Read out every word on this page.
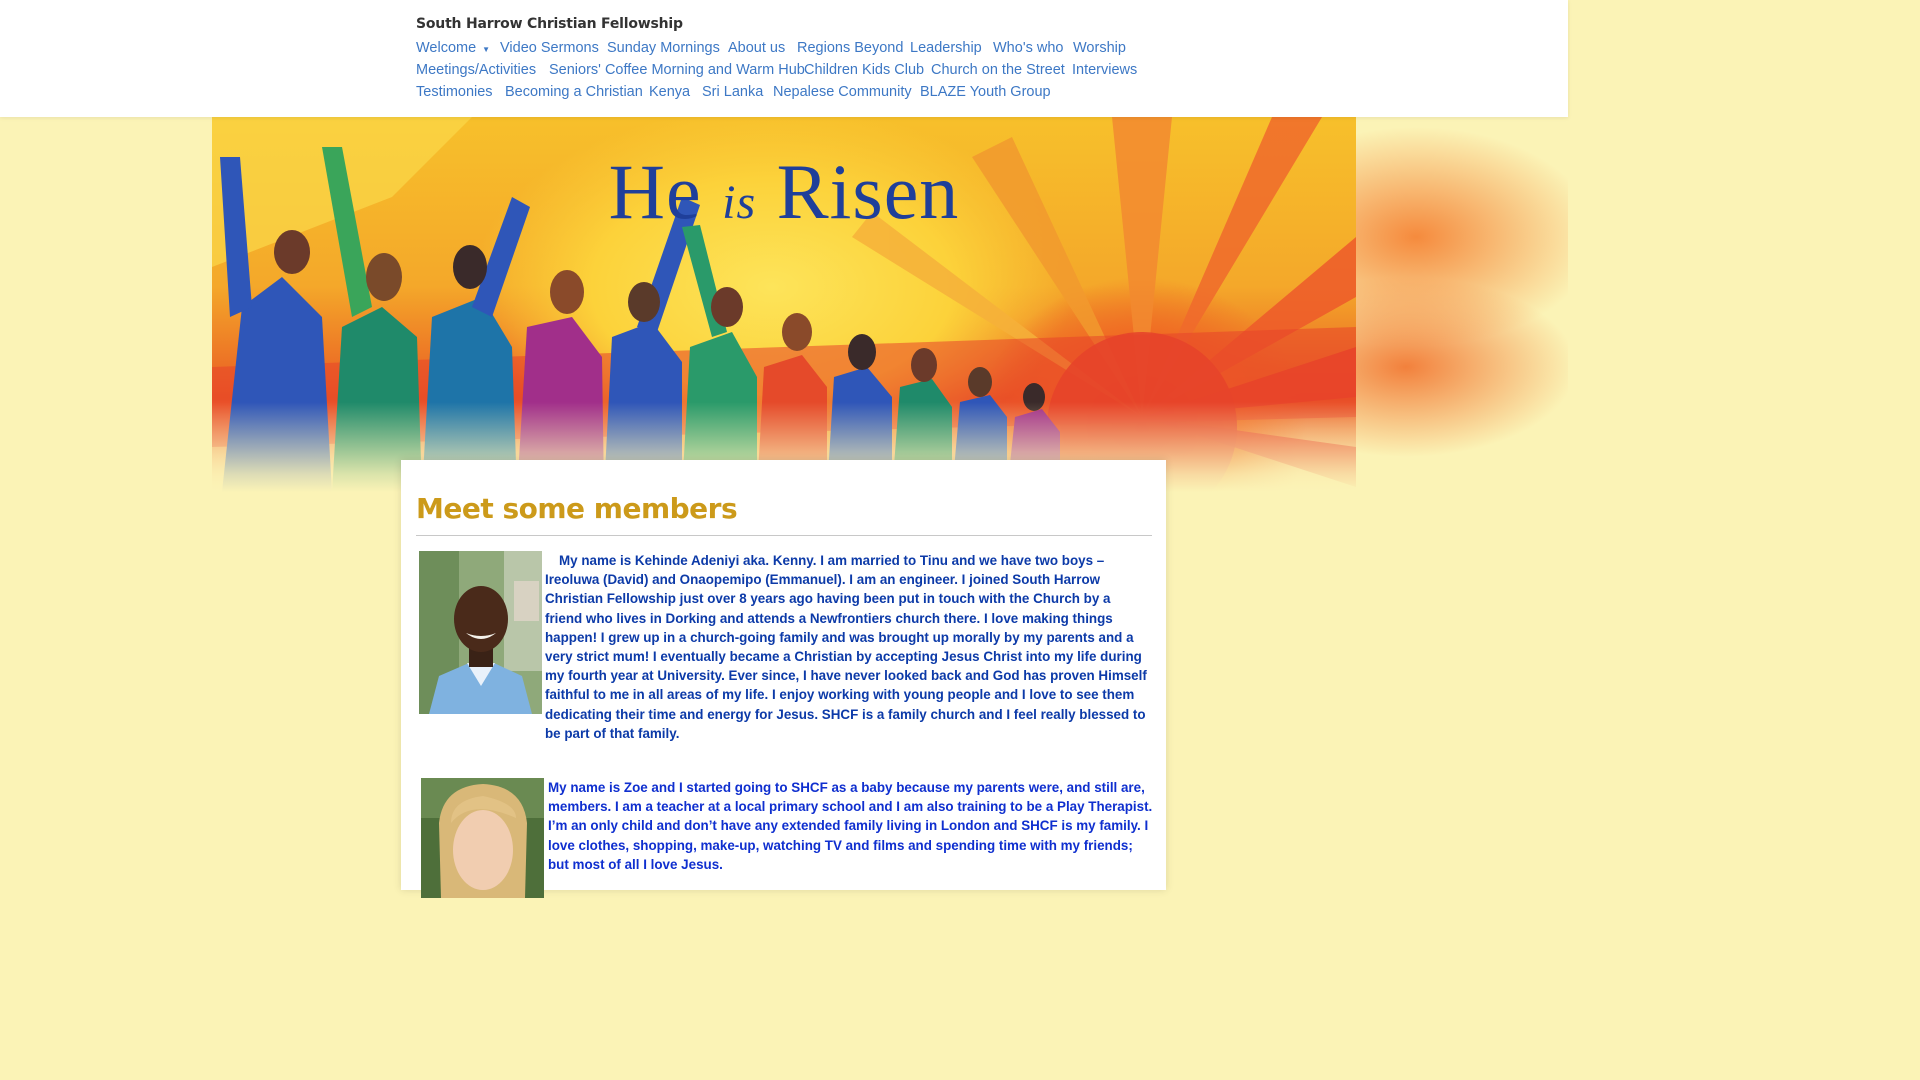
South Harrow Christian Fellowship
Welcome ▼ Video Sermons Sunday Mornings About us Regions Beyond Leadership Who's who Worship
Meetings/Activities Seniors' Coffee Morning and Warm Hub Children Kids Club Church on the Street Interviews
Testimonies Becoming a Christian Kenya Sri Lanka Nepalese Community BLAZE Youth Group
He is Risen
Meet some members
My name is Kehinde Adeniyi aka. Kenny. I am married to Tinu and we have two boys – Ireoluwa (David) and Onaopemipo (Emmanuel). I am an engineer. I joined South Harrow Christian Fellowship just over 8 years ago having been put in touch with the Church by a friend who lives in Dorking and attends a Newfrontiers church there. I love making things happen! I grew up in a church-going family and was brought up morally by my parents and a very strict mum! I eventually became a Christian by accepting Jesus Christ into my life during my fourth year at University. Ever since, I have never looked back and God has proven Himself faithful to me in all areas of my life. I enjoy working with young people and I love to see them dedicating their time and energy for Jesus. SHCF is a family church and I feel really blessed to be part of that family.
My name is Zoe and I started going to SHCF as a baby because my parents were, and still are, members. I am a teacher at a local primary school and I am also training to be a Play Therapist. I’m an only child and don’t have any extended family living in London and SHCF is my family. I love clothes, shopping, make-up, watching TV and films and spending time with my friends; but most of all I love Jesus.
